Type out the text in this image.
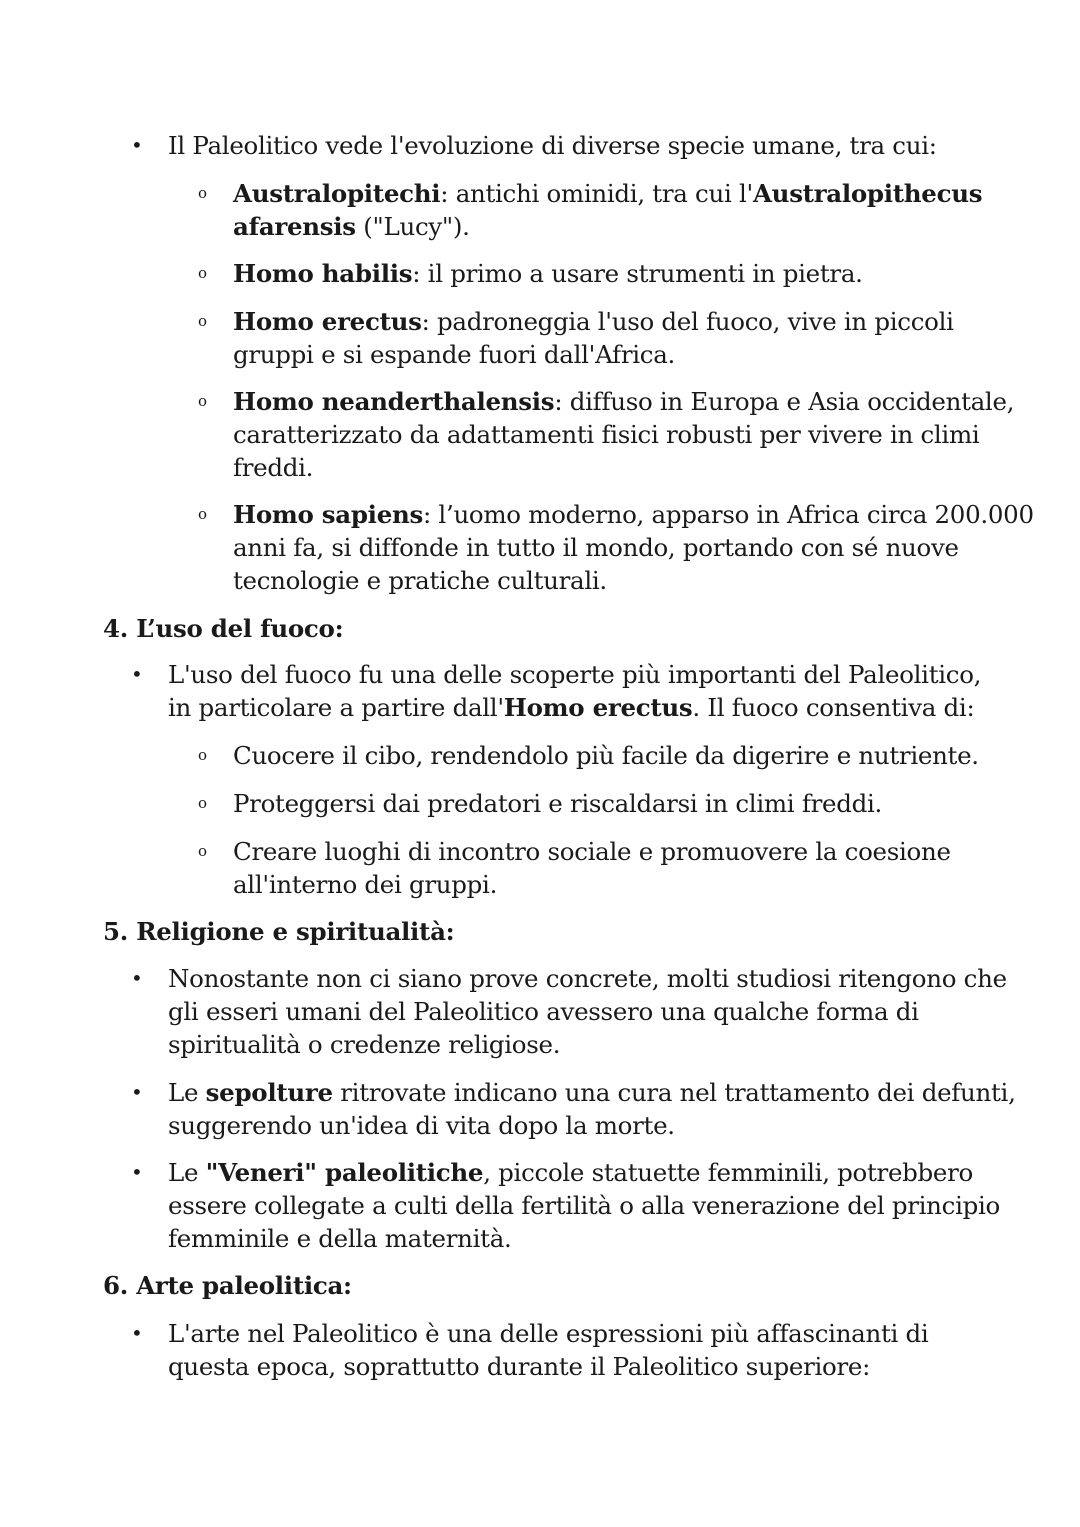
• Il Paleolitico vede l'evoluzione di diverse specie umane, tra cui:
o Australopitechi: antichi ominidi, tra cui l'Australopithecus
afarensis ("Lucy").
o Homo habilis: il primo a usare strumenti in pietra.
o Homo erectus: padroneggia l'uso del fuoco, vive in piccoli
gruppi e si espande fuori dall'Africa.
o Homo neanderthalensis: diffuso in Europa e Asia occidentale,
caratterizzato da adattamenti fisici robusti per vivere in climi
freddi.
o Homo sapiens: l’uomo moderno, apparso in Africa circa 200.000
anni fa, si diffonde in tutto il mondo, portando con sé nuove
tecnologie e pratiche culturali.
4. L’uso del fuoco:
• L'uso del fuoco fu una delle scoperte più importanti del Paleolitico,
in particolare a partire dall'Homo erectus. Il fuoco consentiva di:
o Cuocere il cibo, rendendolo più facile da digerire e nutriente.
o Proteggersi dai predatori e riscaldarsi in climi freddi.
o Creare luoghi di incontro sociale e promuovere la coesione
all'interno dei gruppi.
5. Religione e spiritualità:
• Nonostante non ci siano prove concrete, molti studiosi ritengono che
gli esseri umani del Paleolitico avessero una qualche forma di
spiritualità o credenze religiose.
• Le sepolture ritrovate indicano una cura nel trattamento dei defunti,
suggerendo un'idea di vita dopo la morte.
• Le "Veneri" paleolitiche, piccole statuette femminili, potrebbero
essere collegate a culti della fertilità o alla venerazione del principio
femminile e della maternità.
6. Arte paleolitica:
• L'arte nel Paleolitico è una delle espressioni più affascinanti di
questa epoca, soprattutto durante il Paleolitico superiore:
